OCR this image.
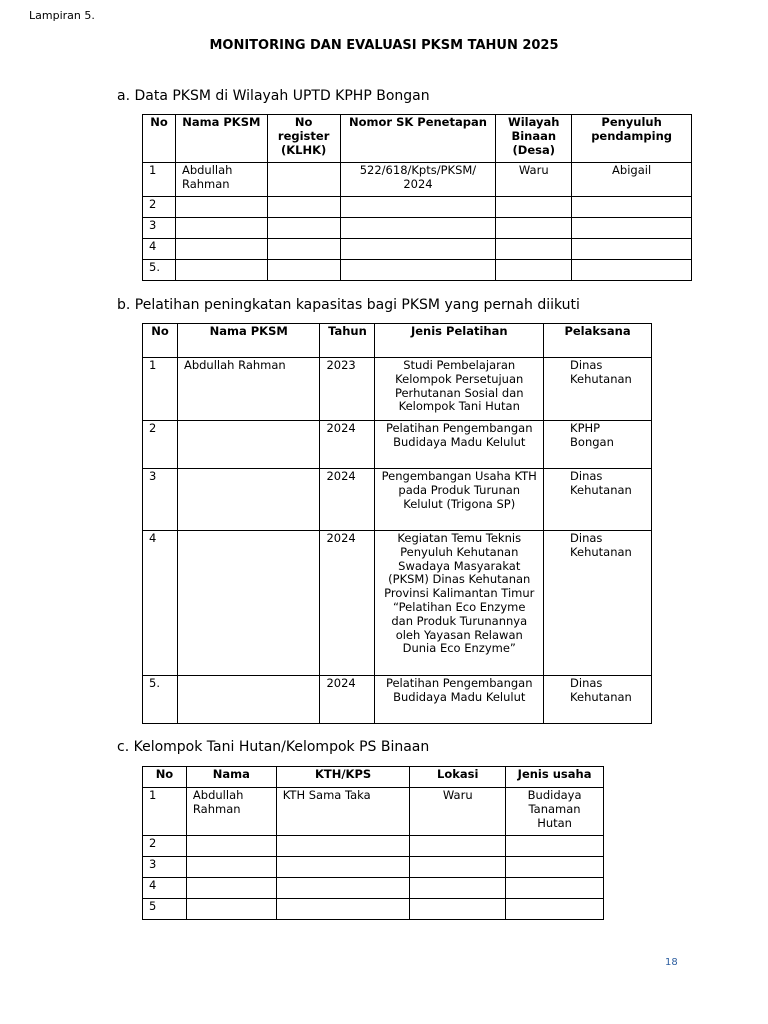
Lampiran 5.
MONITORING DAN EVALUASI PKSM TAHUN 2025
a. Data PKSM di Wilayah UPTD KPHP Bongan
No	Nama PKSM	No register (KLHK)	Nomor SK Penetapan	Wilayah Binaan (Desa)	Penyuluh pendamping
1	Abdullah Rahman		522/618/Kpts/PKSM/ 2024	Waru	Abigail
2					
3					
4					
5.					
b. Pelatihan peningkatan kapasitas bagi PKSM yang pernah diikuti
No	Nama PKSM	Tahun	Jenis Pelatihan	Pelaksana
1	Abdullah Rahman	2023	Studi Pembelajaran Kelompok Persetujuan Perhutanan Sosial dan Kelompok Tani Hutan	Dinas Kehutanan
2		2024	Pelatihan Pengembangan Budidaya Madu Kelulut	KPHP Bongan
3		2024	Pengembangan Usaha KTH pada Produk Turunan Kelulut (Trigona SP)	Dinas Kehutanan
4		2024	Kegiatan Temu Teknis Penyuluh Kehutanan Swadaya Masyarakat (PKSM) Dinas Kehutanan Provinsi Kalimantan Timur “Pelatihan Eco Enzyme dan Produk Turunannya oleh Yayasan Relawan Dunia Eco Enzyme”	Dinas Kehutanan
5.		2024	Pelatihan Pengembangan Budidaya Madu Kelulut	Dinas Kehutanan
c. Kelompok Tani Hutan/Kelompok PS Binaan
No	Nama	KTH/KPS	Lokasi	Jenis usaha
1	Abdullah Rahman	KTH Sama Taka	Waru	Budidaya Tanaman Hutan
2				
3				
4				
5				
18
